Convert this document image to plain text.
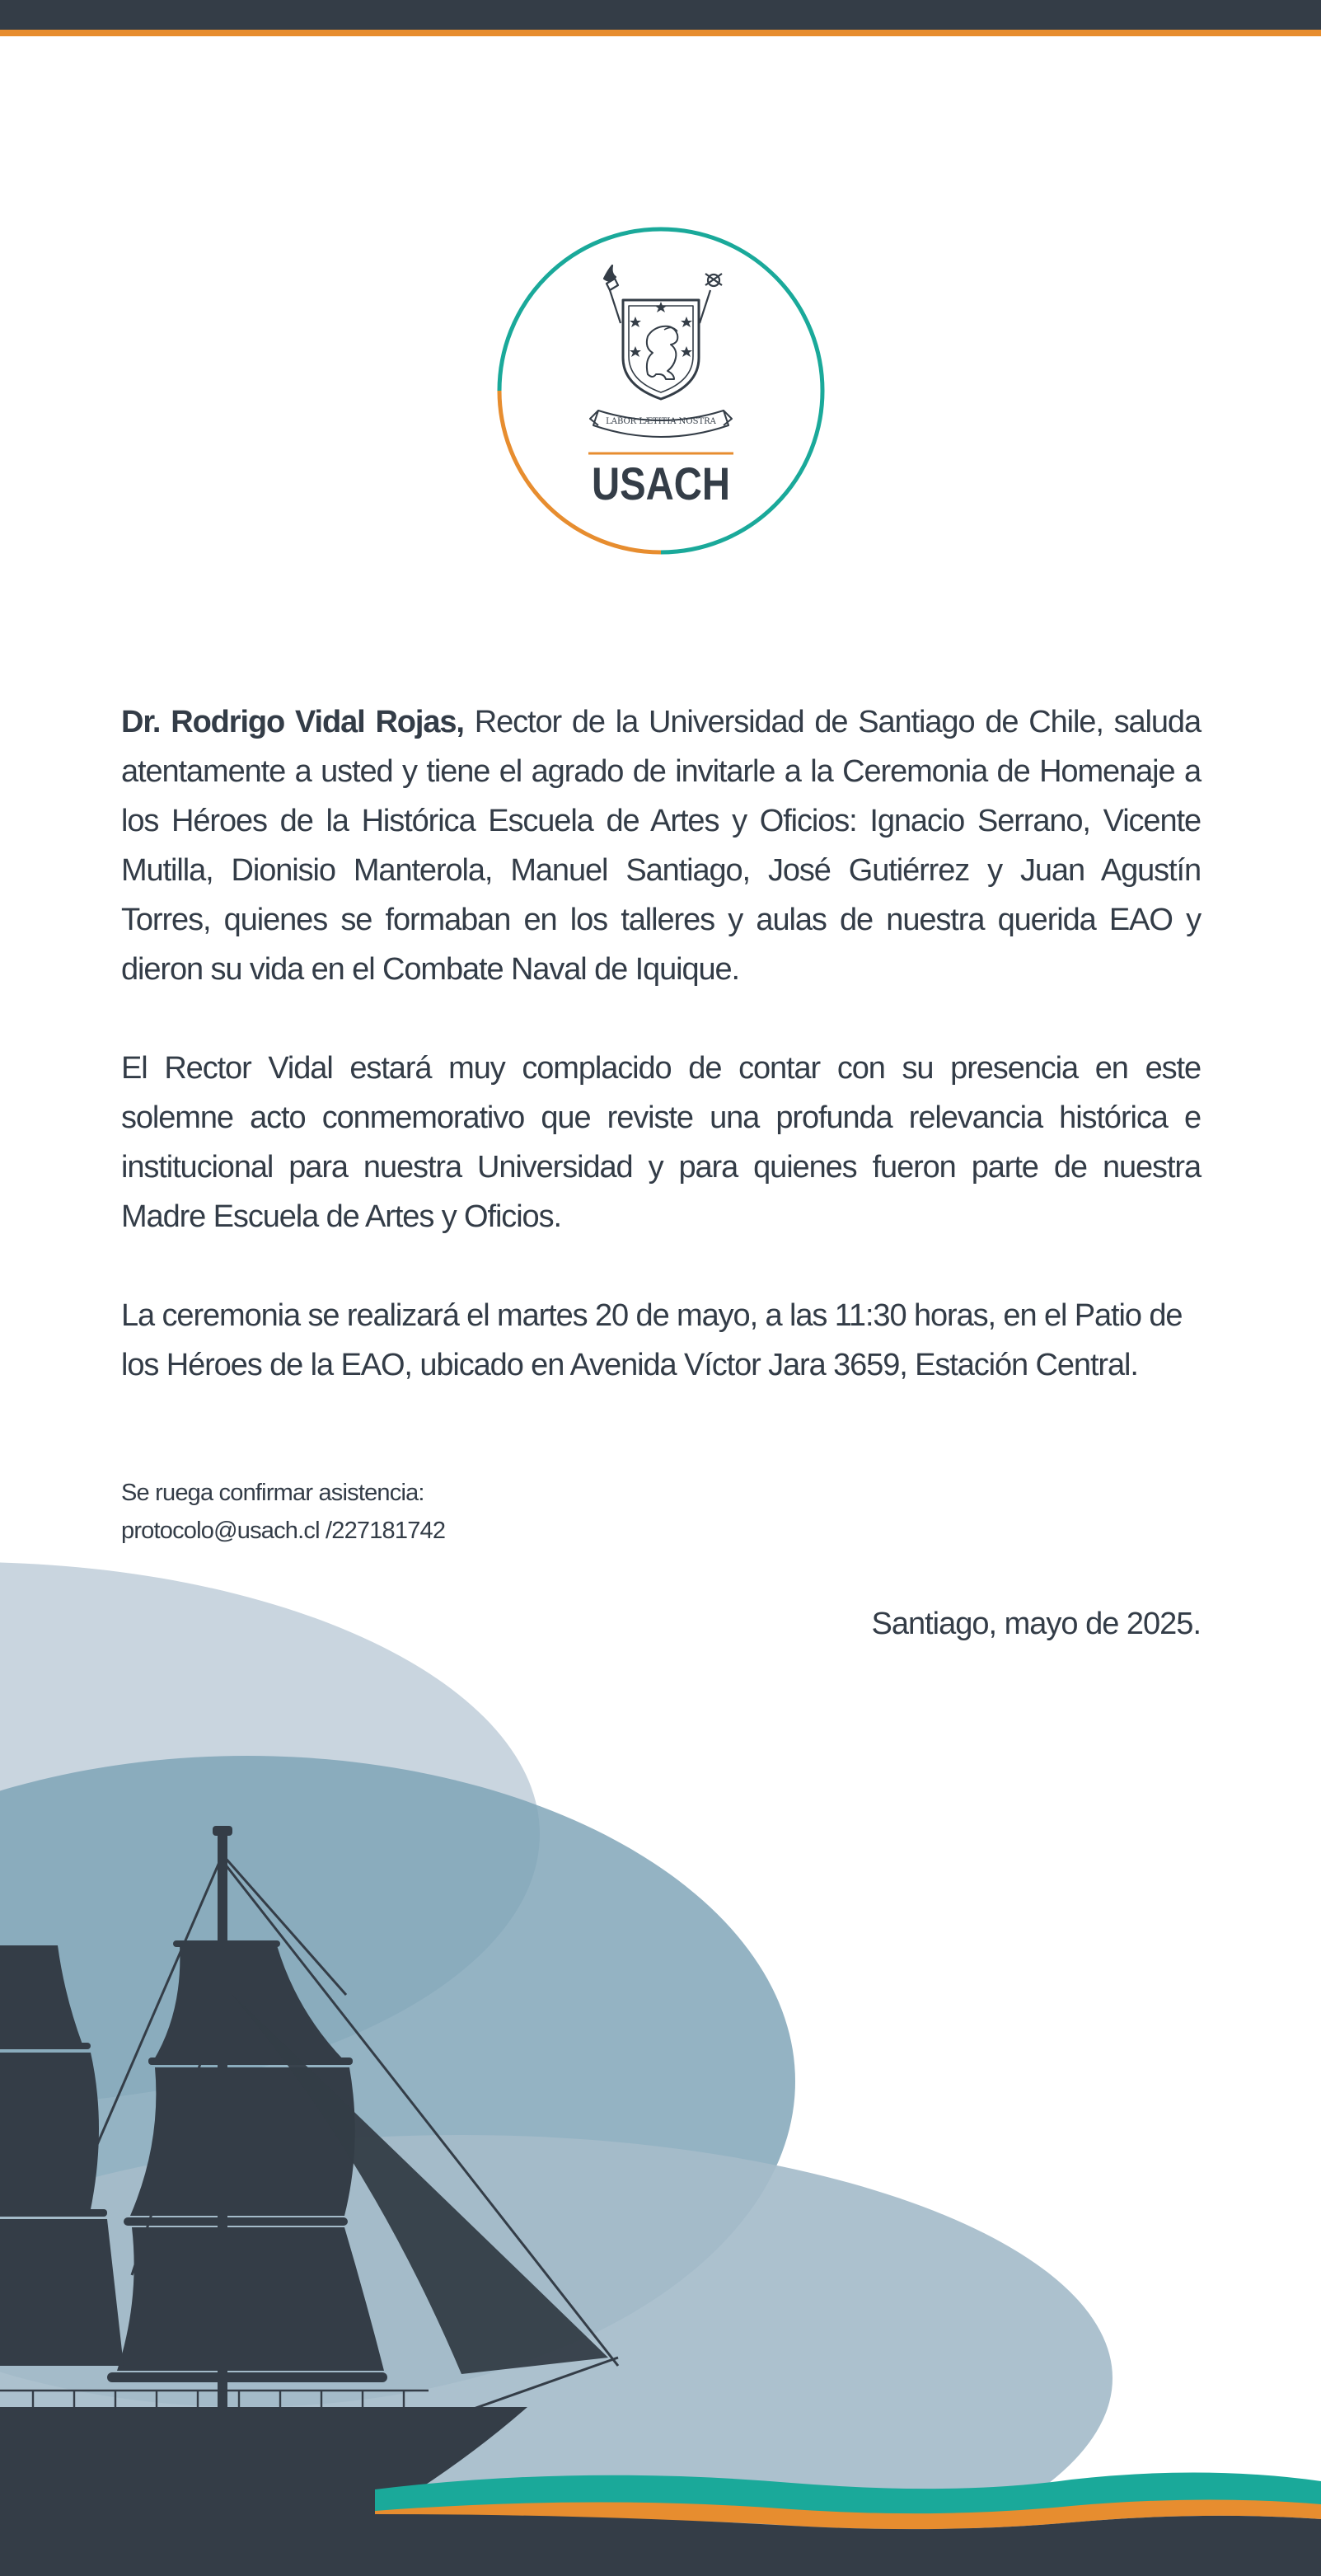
LABOR LÆTITIA NOSTRA
USACH

Dr. Rodrigo Vidal Rojas, Rector de la Universidad de Santiago de Chile, saluda atentamente a usted y tiene el agrado de invitarle a la Ceremonia de Homenaje a los Héroes de la Histórica Escuela de Artes y Oficios: Ignacio Serrano, Vicente Mutilla, Dionisio Manterola, Manuel Santiago, José Gutiérrez y Juan Agustín Torres, quienes se formaban en los talleres y aulas de nuestra querida EAO y dieron su vida en el Combate Naval de Iquique.

El Rector Vidal estará muy complacido de contar con su presencia en este solemne acto conmemorativo que reviste una profunda relevancia histórica e institucional para nuestra Universidad y para quienes fueron parte de nuestra Madre Escuela de Artes y Oficios.

La ceremonia se realizará el martes 20 de mayo, a las 11:30 horas, en el Patio de los Héroes de la EAO, ubicado en Avenida Víctor Jara 3659, Estación Central.

Se ruega confirmar asistencia:
protocolo@usach.cl /227181742
Santiago, mayo de 2025.
